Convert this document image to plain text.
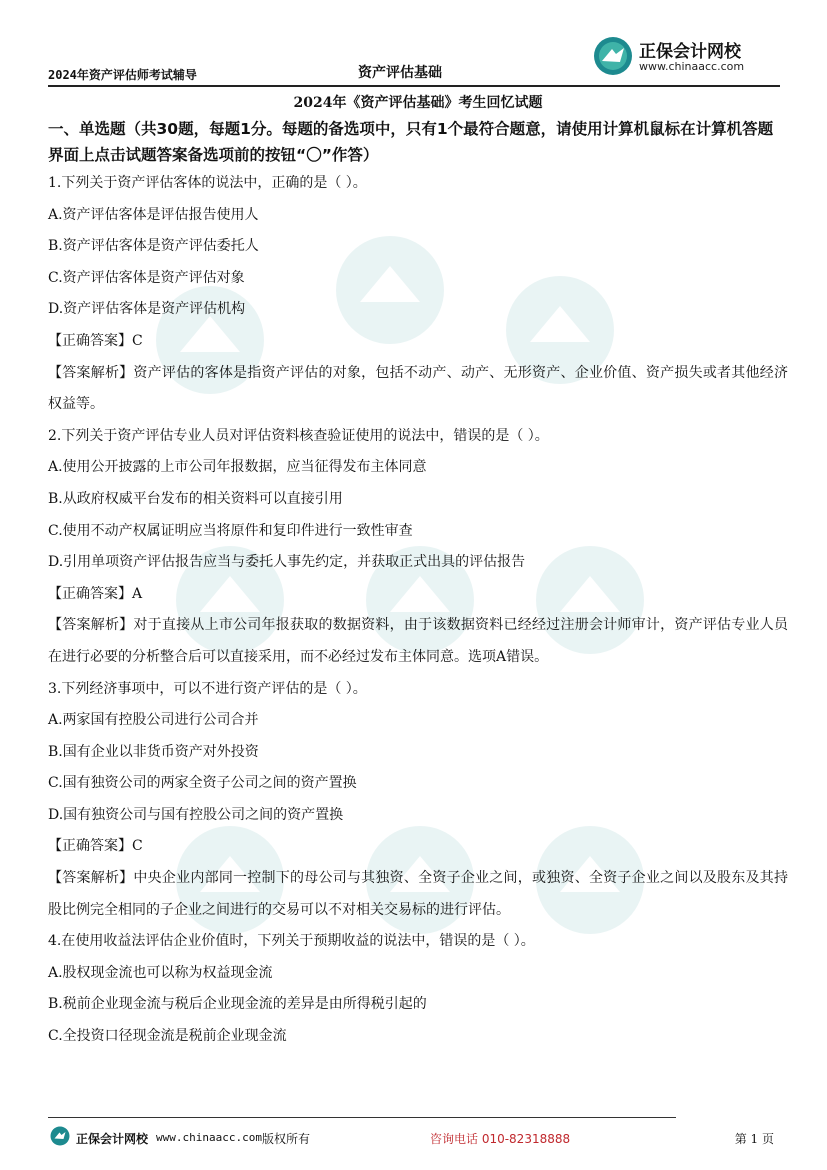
2024年资产评估师考试辅导	资产评估基础
正保会计网校
www.chinaacc.com
2024年《资产评估基础》考生回忆试题
一、单选题（共30题，每题1分。每题的备选项中，只有1个最符合题意，请使用计算机鼠标在计算机答题界面上点击试题答案备选项前的按钮“〇”作答）
1.下列关于资产评估客体的说法中，正确的是（ ）。
A.资产评估客体是评估报告使用人
B.资产评估客体是资产评估委托人
C.资产评估客体是资产评估对象
D.资产评估客体是资产评估机构
【正确答案】C
【答案解析】资产评估的客体是指资产评估的对象，包括不动产、动产、无形资产、企业价值、资产损失或者其他经济权益等。
2.下列关于资产评估专业人员对评估资料核查验证使用的说法中，错误的是（ ）。
A.使用公开披露的上市公司年报数据，应当征得发布主体同意
B.从政府权威平台发布的相关资料可以直接引用
C.使用不动产权属证明应当将原件和复印件进行一致性审查
D.引用单项资产评估报告应当与委托人事先约定，并获取正式出具的评估报告
【正确答案】A
【答案解析】对于直接从上市公司年报获取的数据资料，由于该数据资料已经经过注册会计师审计，资产评估专业人员在进行必要的分析整合后可以直接采用，而不必经过发布主体同意。选项A错误。
3.下列经济事项中，可以不进行资产评估的是（ ）。
A.两家国有控股公司进行公司合并
B.国有企业以非货币资产对外投资
C.国有独资公司的两家全资子公司之间的资产置换
D.国有独资公司与国有控股公司之间的资产置换
【正确答案】C
【答案解析】中央企业内部同一控制下的母公司与其独资、全资子企业之间，或独资、全资子企业之间以及股东及其持股比例完全相同的子企业之间进行的交易可以不对相关交易标的进行评估。
4.在使用收益法评估企业价值时，下列关于预期收益的说法中，错误的是（ ）。
A.股权现金流也可以称为权益现金流
B.税前企业现金流与税后企业现金流的差异是由所得税引起的
C.全投资口径现金流是税前企业现金流
正保会计网校 www.chinaacc.com 版权所有	咨询电话 010-82318888	第 1 页
